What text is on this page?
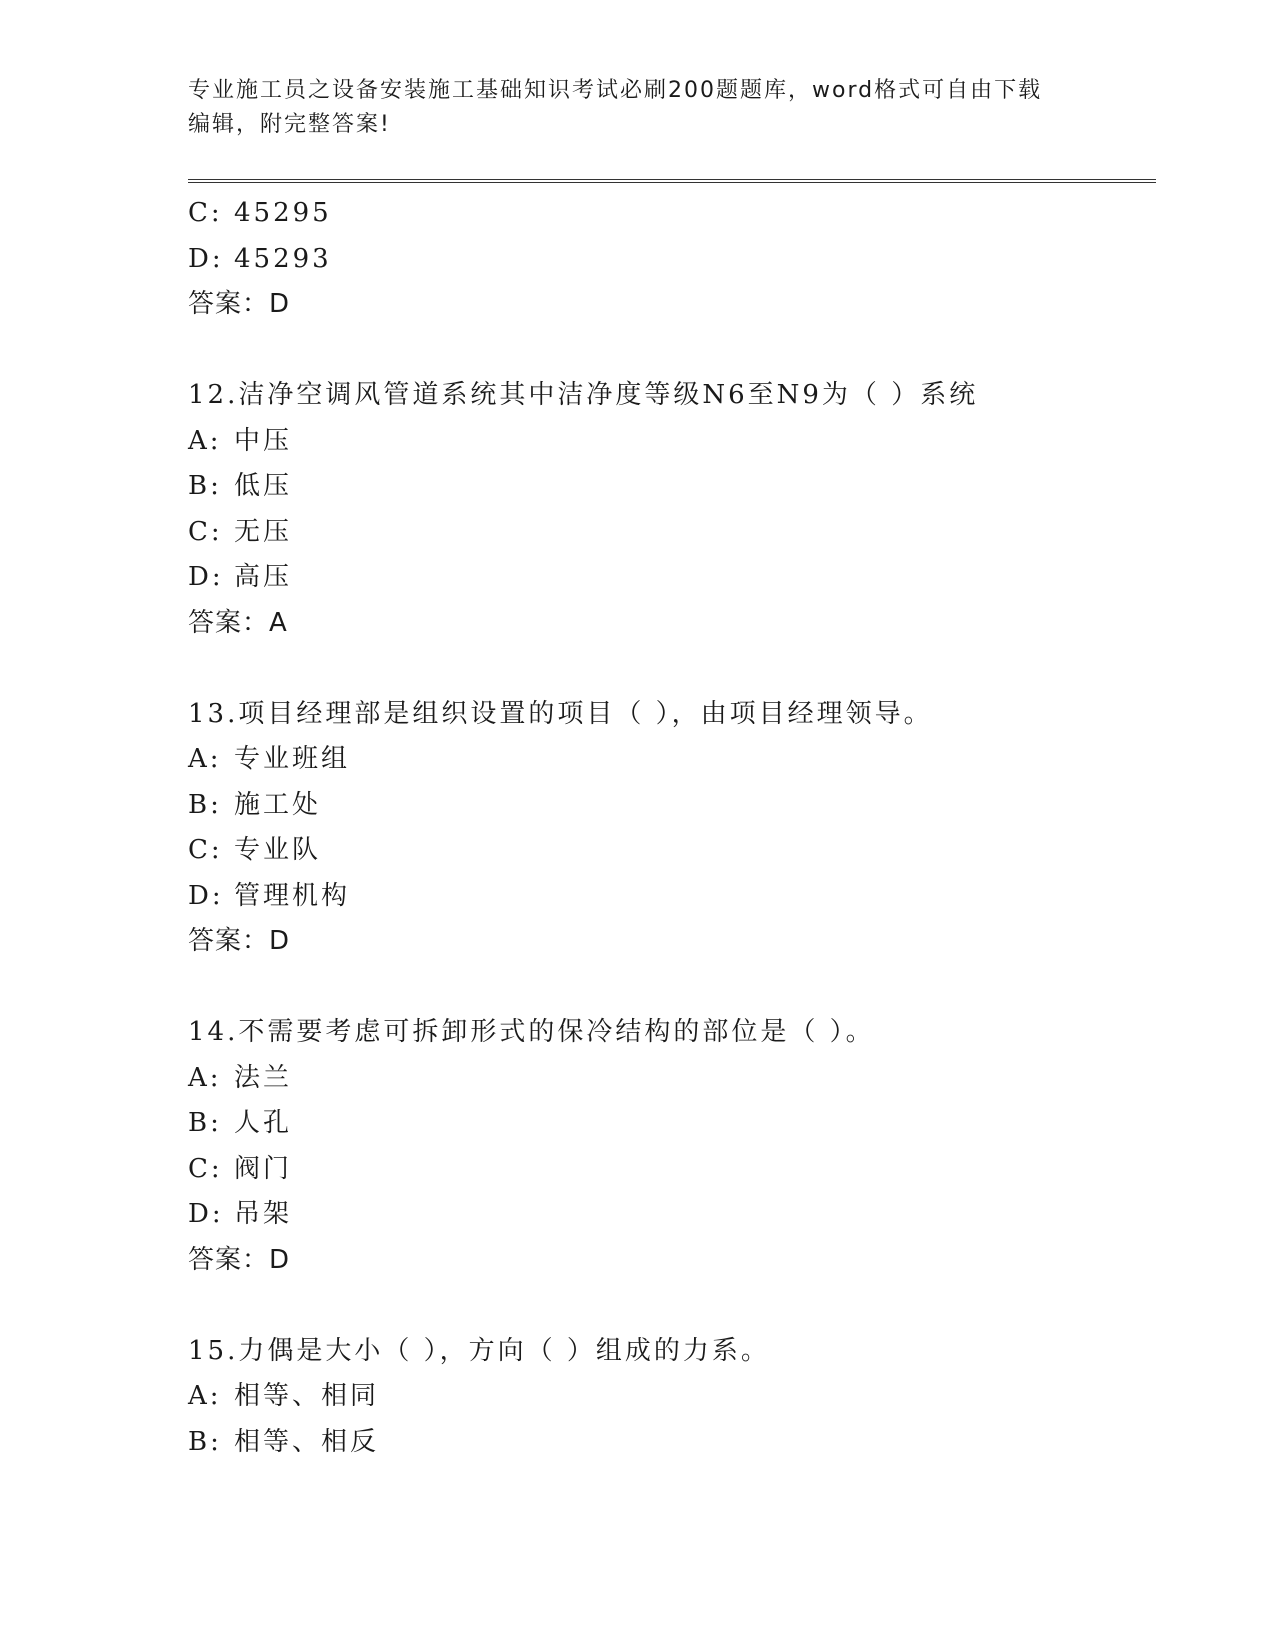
专业施工员之设备安装施工基础知识考试必刷200题题库，word格式可自由下载
编辑，附完整答案!
C: 45295
D: 45293
答案：D
12.洁净空调风管道系统其中洁净度等级N6至N9为（ ）系统
A: 中压
B: 低压
C: 无压
D: 高压
答案：A
13.项目经理部是组织设置的项目（ ），由项目经理领导。
A: 专业班组
B: 施工处
C: 专业队
D: 管理机构
答案：D
14.不需要考虑可拆卸形式的保冷结构的部位是（ ）。
A: 法兰
B: 人孔
C: 阀门
D: 吊架
答案：D
15.力偶是大小（ ），方向（ ）组成的力系。
A: 相等、相同
B: 相等、相反
